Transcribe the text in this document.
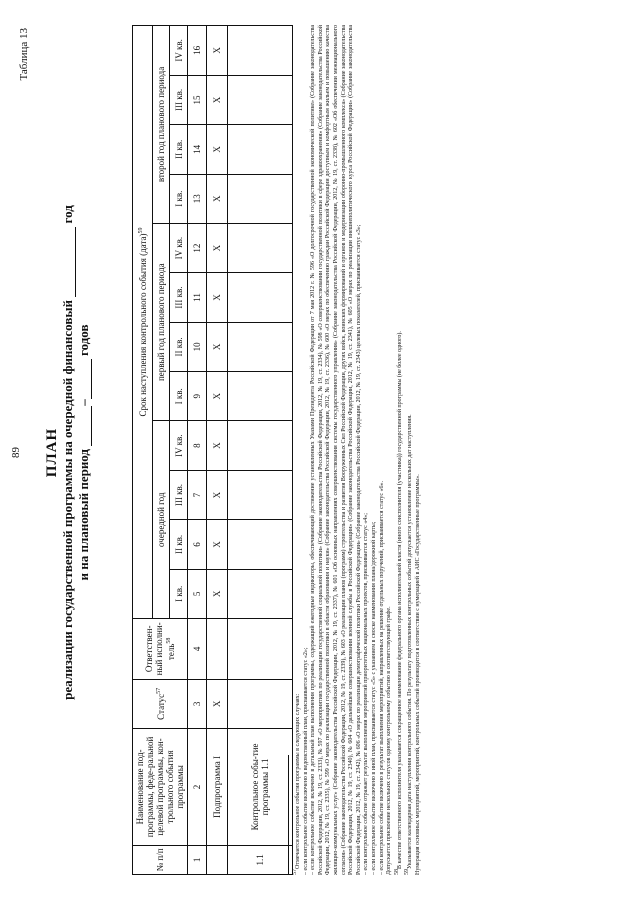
89
Таблица 13
ПЛАН реализации государственной программы на очередной финансовый  год
и на плановый период – годов
№ п/п	Наименование под-программы, феде-ральной целевой программы, кон-трольного события программы	Статус$^{57}$	Ответствен-ный исполни-тель$^{58}$	Срок наступления контрольного события (дата)$^{59}$
				очередной год				первый год планового периода				второй год планового периода			
				I кв.	II кв.	III кв.	IV кв.	I кв.	II кв.	III кв.	IV кв.	I кв.	II кв.	III кв.	IV кв.
1	2	3	4	5	6	7	8	9	10	11	12	13	14	15	16
	Подпрограмма I	X		X	X	X	X	X	X	X	X	X	X	X	X
1.1	Контрольное собы-тие программы 1.1														

$^{57}$Отмечается контрольное события программы в следующих случаях: – если контрольное событие включено в ведомственный план, присваивается статус «2»; – если контрольное событие включено в детальный план выполнения программы, содержащий ежегодные индикаторы, обеспечивающий достижение установленных Указами Президента Российской Федерации от 7 мая 2012 г. № 596 «О долгосрочной государственной экономической политике» (Собрание законодательства Российской Федерации, 2012, № 19, ст. 2333), № 597 «О мероприятиях по реализации государственной социальной политики» (Собрание законодательства Российской Федерации, 2012, № 19, ст. 2334), № 598 «О совершенствовании государственной политики в сфере здравоохранения» (Собрание законодательства Российской Федерации, 2012, № 19, ст. 2335), № 599 «О мерах по реализации государственной политики в области образования и науки» (Собрание законодательства Российской Федерации, 2012, № 19, ст. 2336), № 600 «О мерах по обеспечению граждан Российской Федерации доступным и комфортным жильем и повышению качества жилищно-коммунальных услуг» (Собрание законодательства Российской Федерации, 2012, № 19, ст. 2337), № 601 «Об основных направлениях совершенствования системы государственного управления» (Собрание законодательства Российской Федерации, 2012, № 19, ст. 2338), № 602 «Об обеспечении межнационального согласия» (Собрание законодательства Российской Федерации, 2012, № 19, ст. 2339), № 603 «О реализации планов (программ) строительства и развития Вооруженных Сил Российской Федерации, других войск, воинских формирований и органов и модернизации оборонно-промышленного комплекса» (Собрание законодательства Российской Федерации, 2012, № 19, ст. 2340), № 604 «О дальнейшем совершенствовании военной службы в Российской Федерации» (Собрание законодательства Российской Федерации, 2012, № 19, ст. 2341), № 605 «О мерах по реализации внешнеполитического курса Российской Федерации» (Собрание законодательства Российской Федерации, 2012, № 19, ст. 2342), № 606 «О мерах по реализации демографической политики Российской Федерации» (Собрание законодательства Российской Федерации, 2012, № 19, ст. 2343) целевых показателей, присваивается статус «3»; – если контрольное событие отражает результат выполнения мероприятий приоритетных национальных проектов, присваивается статус «4»; – если контрольное событие включено в иной план, присваивается статус «5» с указанием в сноске наименования плана/дорожной карты; – если контрольное событие включено в результат выполнения мероприятий, направленных на решение отдельных поручений, присваивается статус «6». Допускается присвоение нескольких статусов одному контрольному событию в соответствующей графе. $^{58}$В качестве ответственного исполнителя указывается сокращенное наименование федерального органа исполнительной власти (иного соисполнителя (участника)) государственной программы (не более одного).

$^{59}$Указывается календарная дата наступления контрольного события. По результату подготовленных контрольных событий допускается установление нескольких дат наступления. Нумерация основных мероприятий, мероприятий, контрольных событий производится в соответствии с нумерацией в АИС «Государственные программы».
